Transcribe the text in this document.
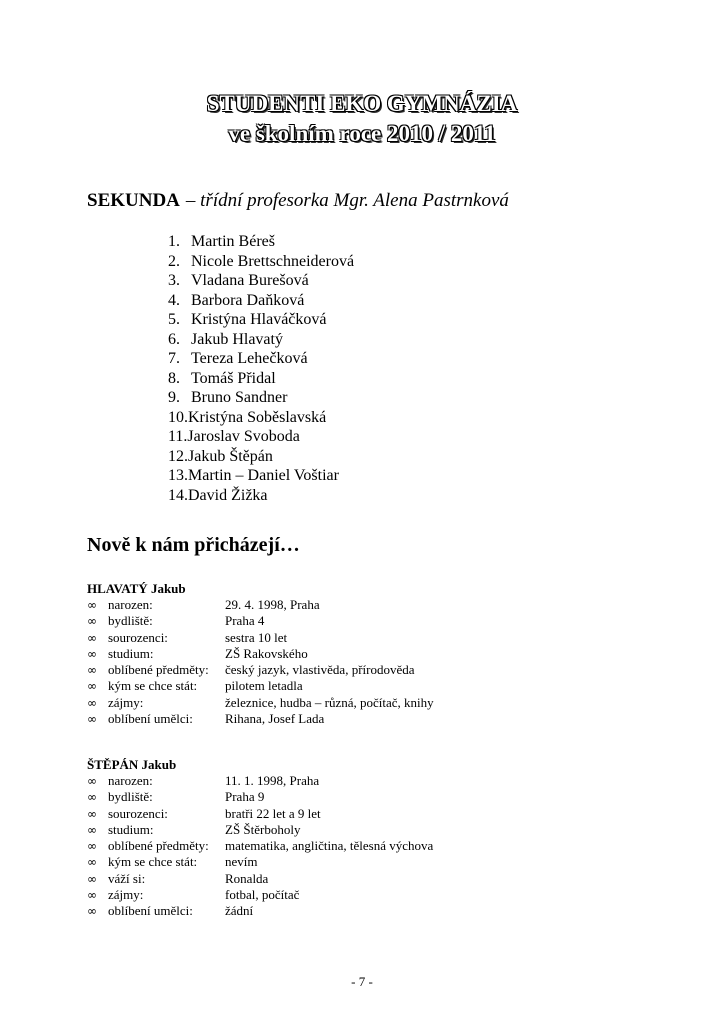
STUDENTI EKO GYMNÁZIA
ve školním roce 2010 / 2011
SEKUNDA – třídní profesorka Mgr. Alena Pastrnková
1. Martin Béreš
2. Nicole Brettschneiderová
3. Vladana Burešová
4. Barbora Daňková
5. Kristýna Hlaváčková
6. Jakub Hlavatý
7. Tereza Lehečková
8. Tomáš Přidal
9. Bruno Sandner
10.Kristýna Soběslavská
11.Jaroslav Svoboda
12.Jakub Štěpán
13.Martin – Daniel Voštiar
14.David Žižka
Nově k nám přicházejí…
HLAVATÝ Jakub
∞ narozen:	29. 4. 1998, Praha
∞ bydliště:	Praha 4
∞ sourozenci:	sestra 10 let
∞ studium:	ZŠ Rakovského
∞ oblíbené předměty: český jazyk, vlastivěda, přírodověda
∞ kým se chce stát: pilotem letadla
∞ zájmy:	železnice, hudba – různá, počítač, knihy
∞ oblíbení umělci: Rihana, Josef Lada
ŠTĚPÁN Jakub
∞ narozen:	11. 1. 1998, Praha
∞ bydliště:	Praha 9
∞ sourozenci:	bratři 22 let a 9 let
∞ studium:	ZŠ Štěrboholy
∞ oblíbené předměty: matematika, angličtina, tělesná výchova
∞ kým se chce stát: nevím
∞ váží si:	Ronalda
∞ zájmy:	fotbal, počítač
∞ oblíbení umělci: žádní
- 7 -
